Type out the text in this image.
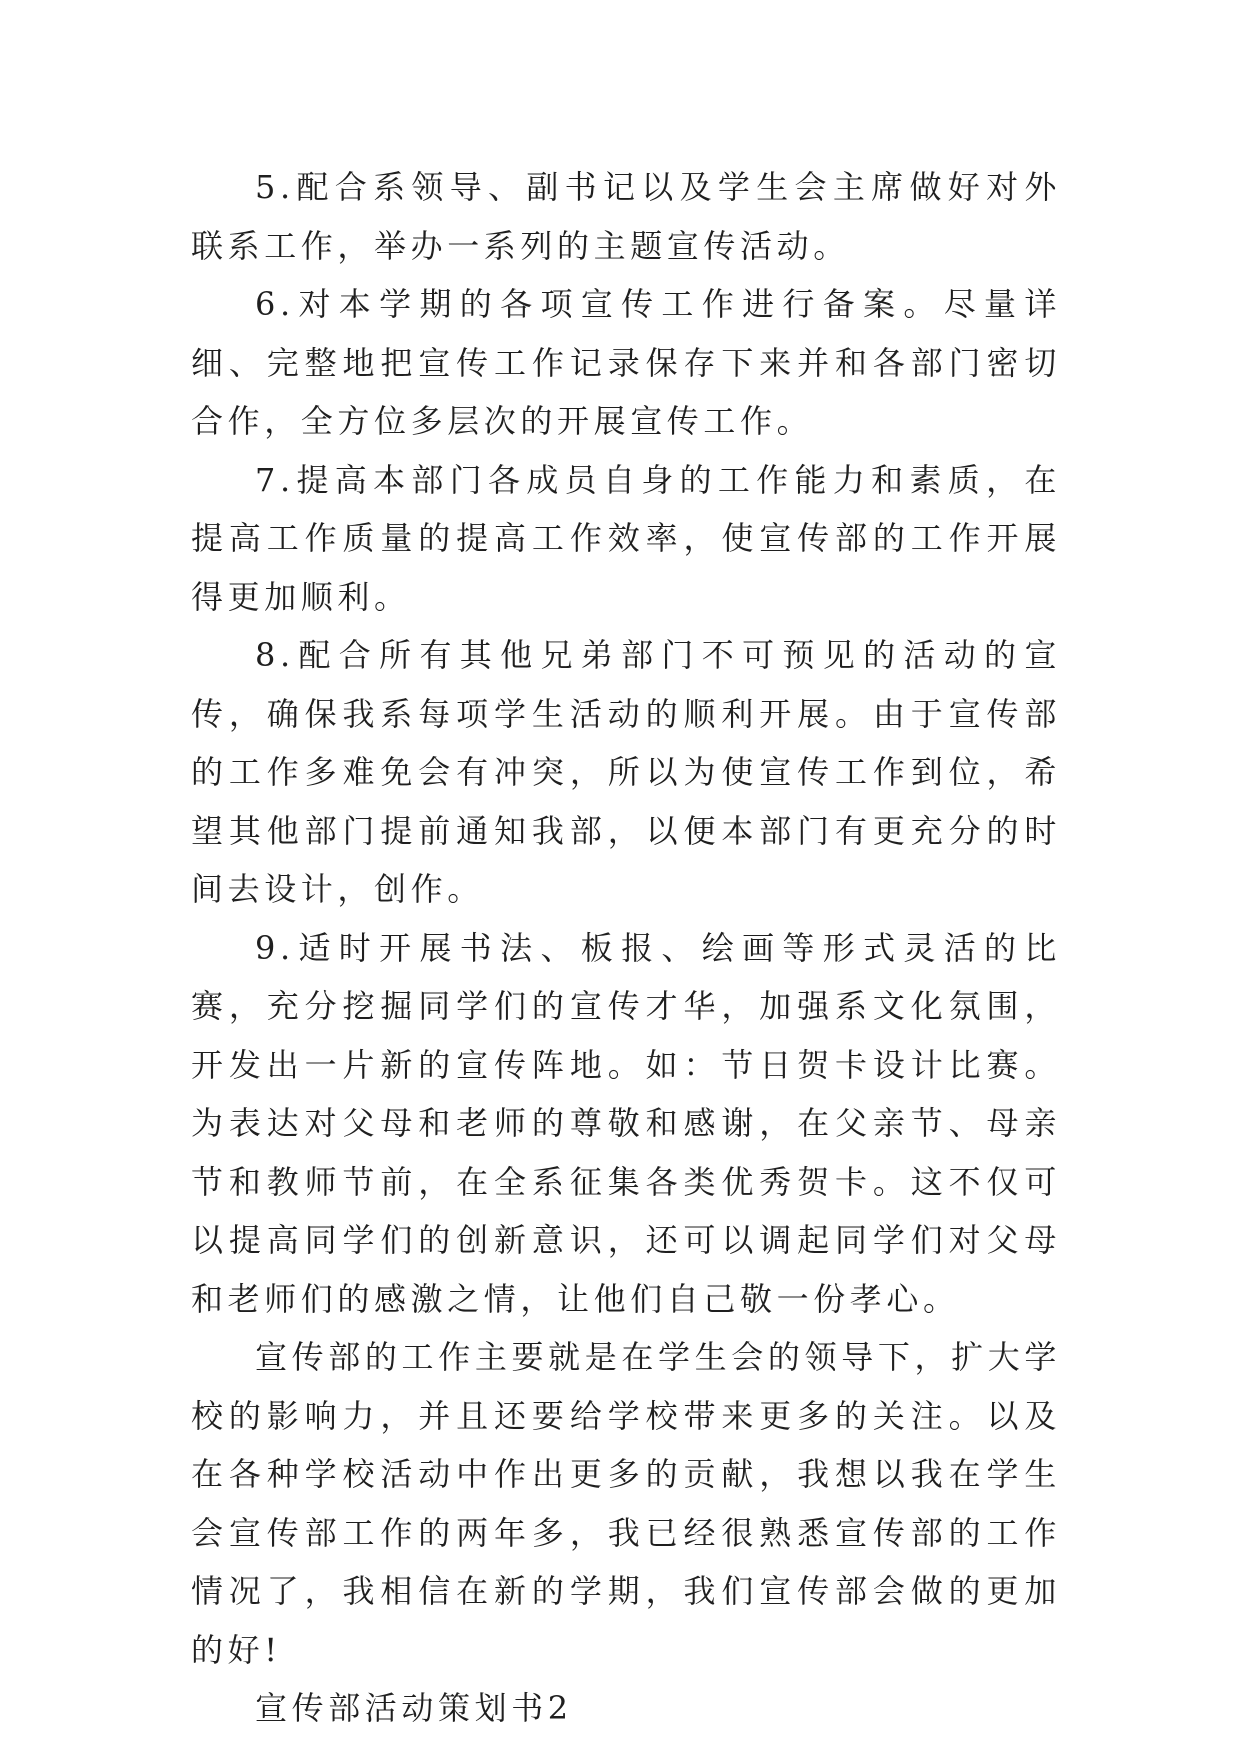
5.配合系领导、副书记以及学生会主席做好对外联系工作，举办一系列的主题宣传活动。

6.对本学期的各项宣传工作进行备案。尽量详细、完整地把宣传工作记录保存下来并和各部门密切合作，全方位多层次的开展宣传工作。

7.提高本部门各成员自身的工作能力和素质，在提高工作质量的提高工作效率，使宣传部的工作开展得更加顺利。

8.配合所有其他兄弟部门不可预见的活动的宣传，确保我系每项学生活动的顺利开展。由于宣传部的工作多难免会有冲突，所以为使宣传工作到位，希望其他部门提前通知我部，以便本部门有更充分的时间去设计，创作。

9.适时开展书法、板报、绘画等形式灵活的比赛，充分挖掘同学们的宣传才华，加强系文化氛围，开发出一片新的宣传阵地。如：节日贺卡设计比赛。为表达对父母和老师的尊敬和感谢，在父亲节、母亲节和教师节前，在全系征集各类优秀贺卡。这不仅可以提高同学们的创新意识，还可以调起同学们对父母和老师们的感激之情，让他们自己敬一份孝心。

宣传部的工作主要就是在学生会的领导下，扩大学校的影响力，并且还要给学校带来更多的关注。以及在各种学校活动中作出更多的贡献，我想以我在学生会宣传部工作的两年多，我已经很熟悉宣传部的工作情况了，我相信在新的学期，我们宣传部会做的更加的好!

宣传部活动策划书2
